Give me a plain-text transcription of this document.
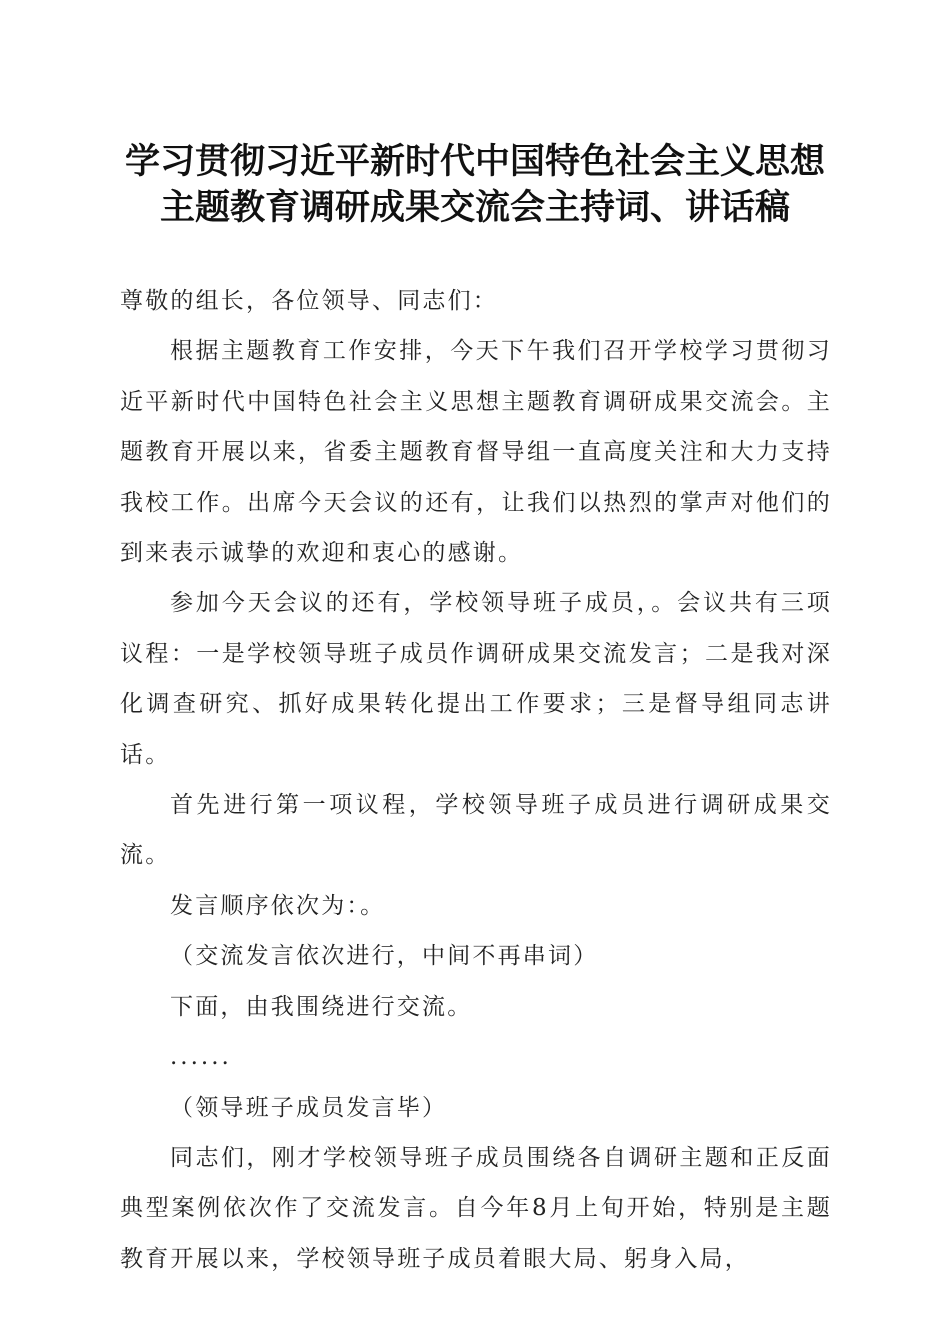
学习贯彻习近平新时代中国特色社会主义思想
主题教育调研成果交流会主持词、讲话稿

尊敬的组长，各位领导、同志们：

根据主题教育工作安排，今天下午我们召开学校学习贯彻习近平新时代中国特色社会主义思想主题教育调研成果交流会。主题教育开展以来，省委主题教育督导组一直高度关注和大力支持我校工作。出席今天会议的还有，让我们以热烈的掌声对他们的到来表示诚挚的欢迎和衷心的感谢。

参加今天会议的还有，学校领导班子成员，。会议共有三项议程：一是学校领导班子成员作调研成果交流发言；二是我对深化调查研究、抓好成果转化提出工作要求；三是督导组同志讲话。

首先进行第一项议程，学校领导班子成员进行调研成果交流。

发言顺序依次为：。

（交流发言依次进行，中间不再串词）

下面，由我围绕进行交流。

......

（领导班子成员发言毕）

同志们，刚才学校领导班子成员围绕各自调研主题和正反面典型案例依次作了交流发言。自今年8月上旬开始，特别是主题教育开展以来，学校领导班子成员着眼大局、躬身入局，
